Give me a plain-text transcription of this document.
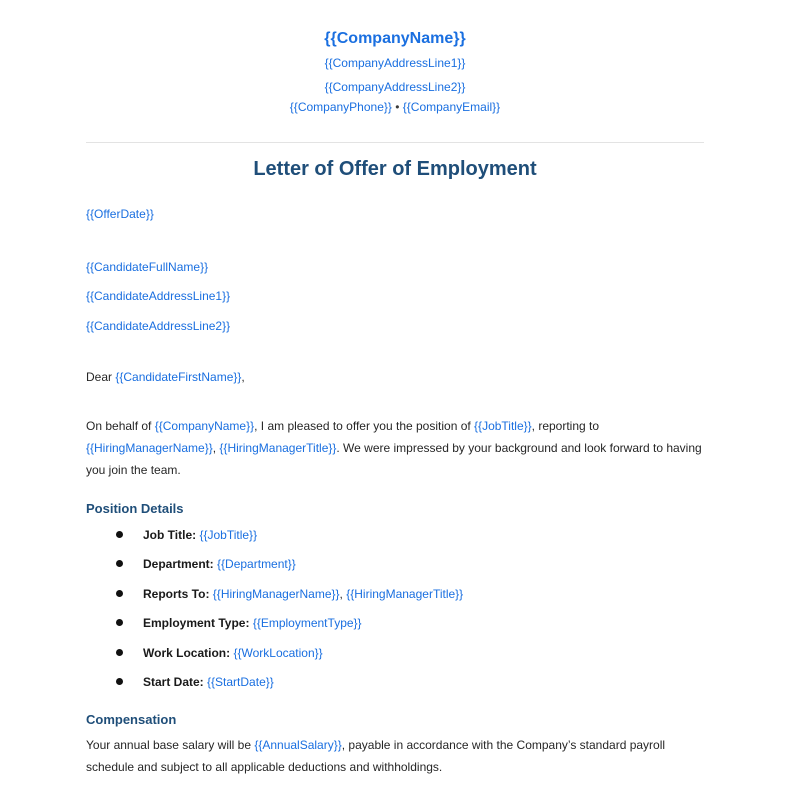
{{CompanyName}}
{{CompanyAddressLine1}}
{{CompanyAddressLine2}}
{{CompanyPhone}} • {{CompanyEmail}}
Letter of Offer of Employment
{{OfferDate}}
{{CandidateFullName}}
{{CandidateAddressLine1}}
{{CandidateAddressLine2}}
Dear {{CandidateFirstName}},
On behalf of {{CompanyName}}, I am pleased to offer you the position of {{JobTitle}}, reporting to
{{HiringManagerName}}, {{HiringManagerTitle}}. We were impressed by your background and look forward to having you join the team.
Position Details
Job Title: {{JobTitle}}
Department: {{Department}}
Reports To: {{HiringManagerName}}, {{HiringManagerTitle}}
Employment Type: {{EmploymentType}}
Work Location: {{WorkLocation}}
Start Date: {{StartDate}}
Compensation
Your annual base salary will be {{AnnualSalary}}, payable in accordance with the Company’s standard payroll schedule and subject to all applicable deductions and withholdings.
